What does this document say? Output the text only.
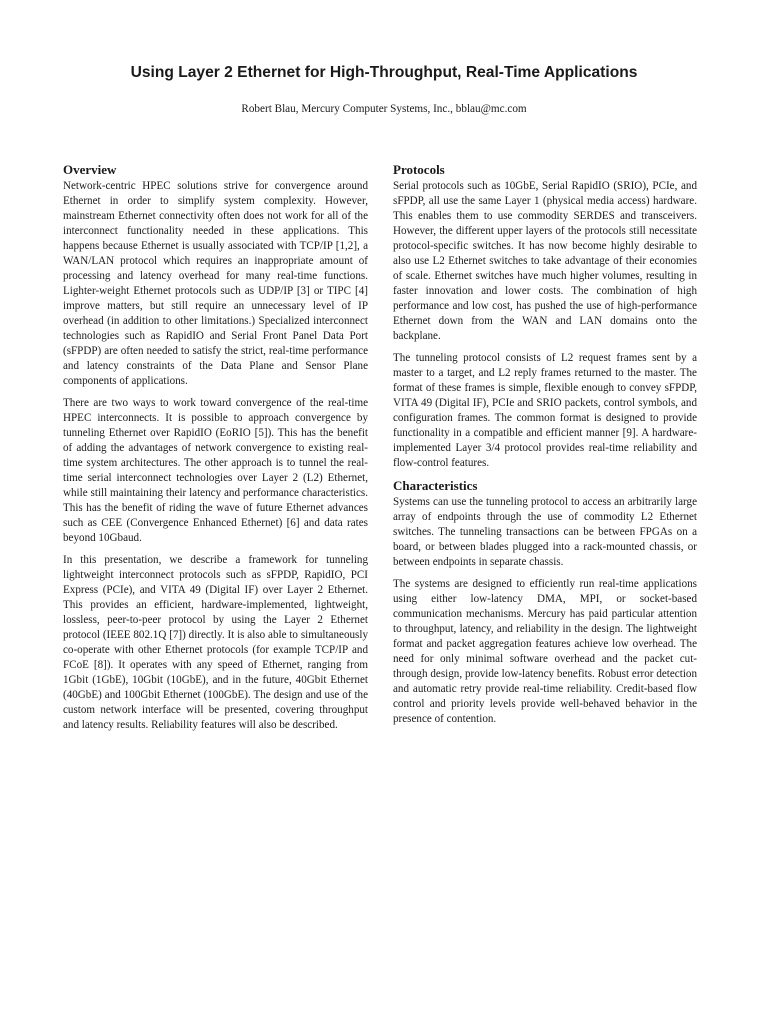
Using Layer 2 Ethernet for High-Throughput, Real-Time Applications
Robert Blau, Mercury Computer Systems, Inc., bblau@mc.com
Overview

Network-centric HPEC solutions strive for convergence around Ethernet in order to simplify system complexity. However, mainstream Ethernet connectivity often does not work for all of the interconnect functionality needed in these applications. This happens because Ethernet is usually associated with TCP/IP [1,2], a WAN/LAN protocol which requires an inappropriate amount of processing and latency overhead for many real-time functions. Lighter-weight Ethernet protocols such as UDP/IP [3] or TIPC [4] improve matters, but still require an unnecessary level of IP overhead (in addition to other limitations.) Specialized interconnect technologies such as RapidIO and Serial Front Panel Data Port (sFPDP) are often needed to satisfy the strict, real-time performance and latency constraints of the Data Plane and Sensor Plane components of applications.

There are two ways to work toward convergence of the real-time HPEC interconnects. It is possible to approach convergence by tunneling Ethernet over RapidIO (EoRIO [5]). This has the benefit of adding the advantages of network convergence to existing real-time system architectures. The other approach is to tunnel the real-time serial interconnect technologies over Layer 2 (L2) Ethernet, while still maintaining their latency and performance characteristics. This has the benefit of riding the wave of future Ethernet advances such as CEE (Convergence Enhanced Ethernet) [6] and data rates beyond 10Gbaud.

In this presentation, we describe a framework for tunneling lightweight interconnect protocols such as sFPDP, RapidIO, PCI Express (PCIe), and VITA 49 (Digital IF) over Layer 2 Ethernet. This provides an efficient, hardware-implemented, lightweight, lossless, peer-to-peer protocol by using the Layer 2 Ethernet protocol (IEEE 802.1Q [7]) directly. It is also able to simultaneously co-operate with other Ethernet protocols (for example TCP/IP and FCoE [8]). It operates with any speed of Ethernet, ranging from 1Gbit (1GbE), 10Gbit (10GbE), and in the future, 40Gbit Ethernet (40GbE) and 100Gbit Ethernet (100GbE). The design and use of the custom network interface will be presented, covering throughput and latency results. Reliability features will also be described.

Protocols

Serial protocols such as 10GbE, Serial RapidIO (SRIO), PCIe, and sFPDP, all use the same Layer 1 (physical media access) hardware. This enables them to use commodity SERDES and transceivers. However, the different upper layers of the protocols still necessitate protocol-specific switches. It has now become highly desirable to also use L2 Ethernet switches to take advantage of their economies of scale. Ethernet switches have much higher volumes, resulting in faster innovation and lower costs. The combination of high performance and low cost, has pushed the use of high-performance Ethernet down from the WAN and LAN domains onto the backplane.

The tunneling protocol consists of L2 request frames sent by a master to a target, and L2 reply frames returned to the master. The format of these frames is simple, flexible enough to convey sFPDP, VITA 49 (Digital IF), PCIe and SRIO packets, control symbols, and configuration frames. The common format is designed to provide functionality in a compatible and efficient manner [9]. A hardware-implemented Layer 3/4 protocol provides real-time reliability and flow-control features.

Characteristics

Systems can use the tunneling protocol to access an arbitrarily large array of endpoints through the use of commodity L2 Ethernet switches. The tunneling transactions can be between FPGAs on a board, or between blades plugged into a rack-mounted chassis, or between endpoints in separate chassis.

The systems are designed to efficiently run real-time applications using either low-latency DMA, MPI, or socket-based communication mechanisms. Mercury has paid particular attention to throughput, latency, and reliability in the design. The lightweight format and packet aggregation features achieve low overhead. The need for only minimal software overhead and the packet cut-through design, provide low-latency benefits. Robust error detection and automatic retry provide real-time reliability. Credit-based flow control and priority levels provide well-behaved behavior in the presence of contention.
